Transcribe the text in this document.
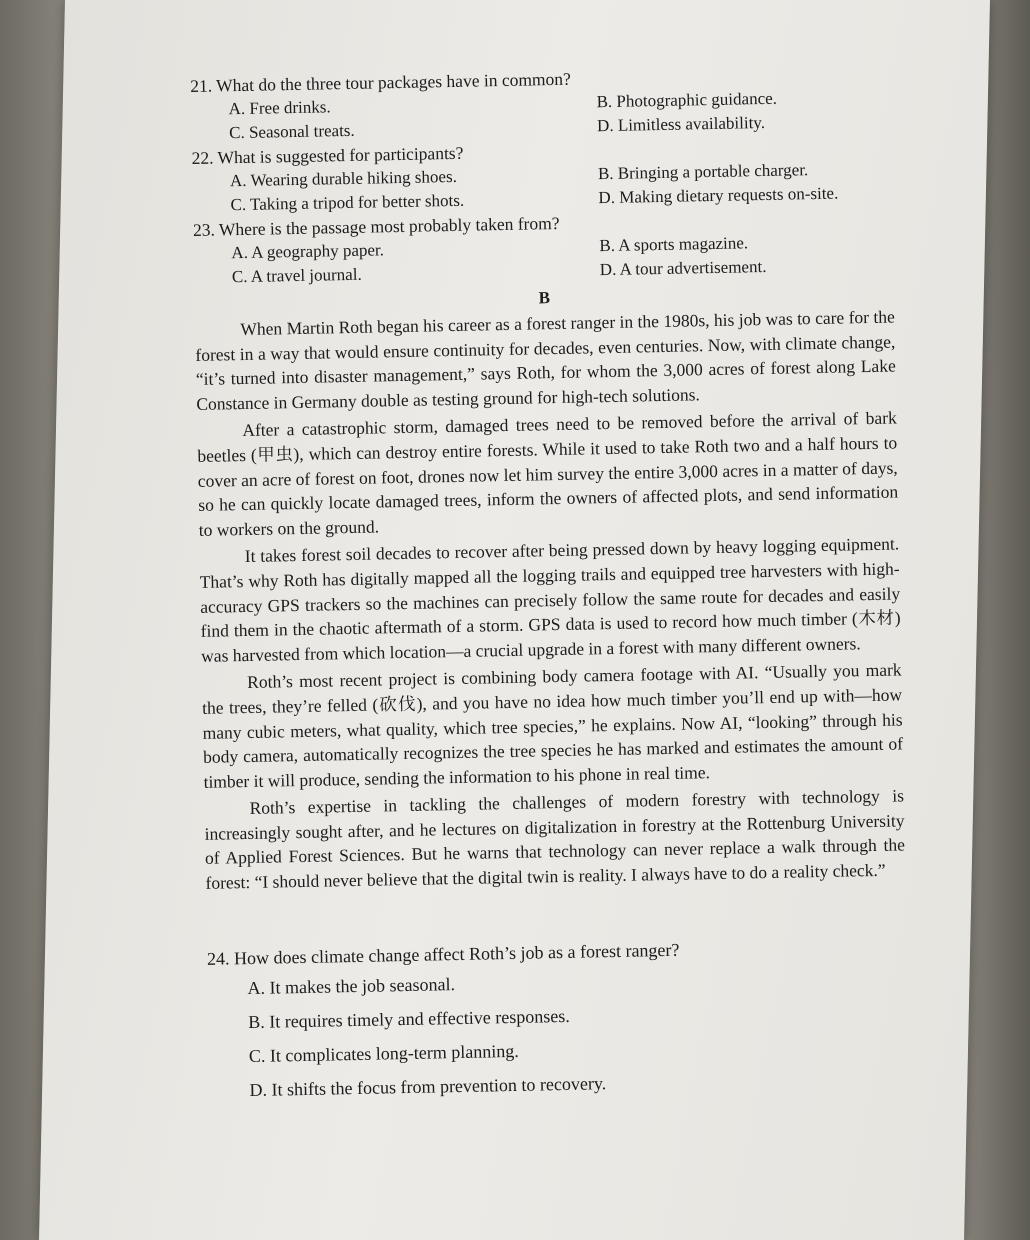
21. What do the three tour packages have in common?

A. Free drinks.	B. Photographic guidance.
C. Seasonal treats.	D. Limitless availability.

22. What is suggested for participants?

A. Wearing durable hiking shoes.	B. Bringing a portable charger.
C. Taking a tripod for better shots.	D. Making dietary requests on-site.

23. Where is the passage most probably taken from?

A. A geography paper.	B. A sports magazine.
C. A travel journal.	D. A tour advertisement.

B

When Martin Roth began his career as a forest ranger in the 1980s, his job was to care for the forest in a way that would ensure continuity for decades, even centuries. Now, with climate change, “it’s turned into disaster management,” says Roth, for whom the 3,000 acres of forest along Lake Constance in Germany double as testing ground for high-tech solutions.

After a catastrophic storm, damaged trees need to be removed before the arrival of bark beetles (甲虫), which can destroy entire forests. While it used to take Roth two and a half hours to cover an acre of forest on foot, drones now let him survey the entire 3,000 acres in a matter of days, so he can quickly locate damaged trees, inform the owners of affected plots, and send information to workers on the ground.

It takes forest soil decades to recover after being pressed down by heavy logging equipment. That’s why Roth has digitally mapped all the logging trails and equipped tree harvesters with high-accuracy GPS trackers so the machines can precisely follow the same route for decades and easily find them in the chaotic aftermath of a storm. GPS data is used to record how much timber (木材) was harvested from which location—a crucial upgrade in a forest with many different owners.

Roth’s most recent project is combining body camera footage with AI. “Usually you mark the trees, they’re felled (砍伐), and you have no idea how much timber you’ll end up with—how many cubic meters, what quality, which tree species,” he explains. Now AI, “looking” through his body camera, automatically recognizes the tree species he has marked and estimates the amount of timber it will produce, sending the information to his phone in real time.

Roth’s expertise in tackling the challenges of modern forestry with technology is increasingly sought after, and he lectures on digitalization in forestry at the Rottenburg University of Applied Forest Sciences. But he warns that technology can never replace a walk through the forest: “I should never believe that the digital twin is reality. I always have to do a reality check.”

24. How does climate change affect Roth’s job as a forest ranger?

A. It makes the job seasonal.
B. It requires timely and effective responses.
C. It complicates long-term planning.
D. It shifts the focus from prevention to recovery.
